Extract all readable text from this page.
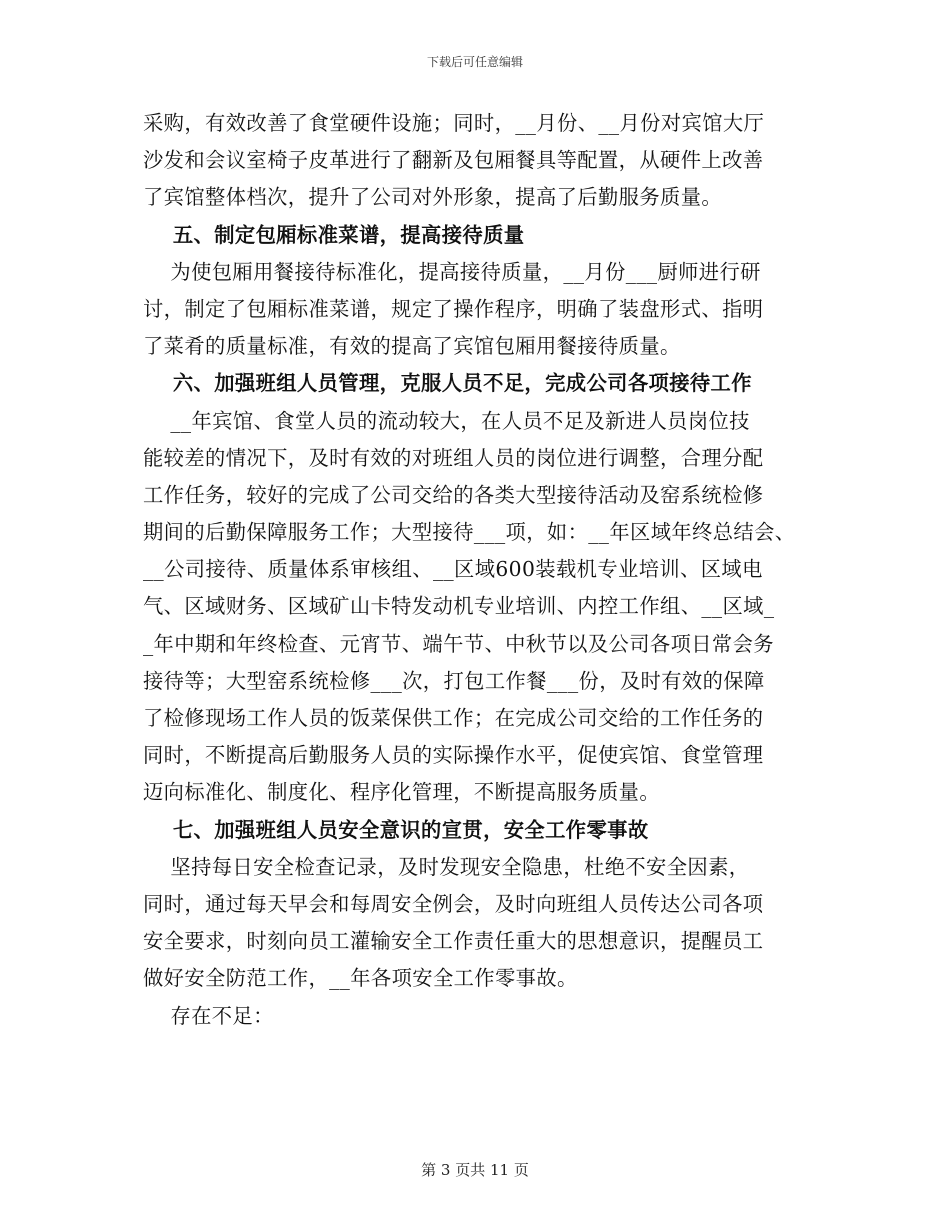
下载后可任意编辑
采购，有效改善了食堂硬件设施；同时，__月份、__月份对宾馆大厅
沙发和会议室椅子皮革进行了翻新及包厢餐具等配置，从硬件上改善
了宾馆整体档次，提升了公司对外形象，提高了后勤服务质量。
五、制定包厢标准菜谱，提高接待质量
为使包厢用餐接待标准化，提高接待质量，__月份___厨师进行研
讨，制定了包厢标准菜谱，规定了操作程序，明确了装盘形式、指明
了菜肴的质量标准，有效的提高了宾馆包厢用餐接待质量。
六、加强班组人员管理，克服人员不足，完成公司各项接待工作
__年宾馆、食堂人员的流动较大，在人员不足及新进人员岗位技
能较差的情况下，及时有效的对班组人员的岗位进行调整，合理分配
工作任务，较好的完成了公司交给的各类大型接待活动及窑系统检修
期间的后勤保障服务工作；大型接待___项，如：__年区域年终总结会、
__公司接待、质量体系审核组、__区域600装载机专业培训、区域电
气、区域财务、区域矿山卡特发动机专业培训、内控工作组、__区域_
_年中期和年终检查、元宵节、端午节、中秋节以及公司各项日常会务
接待等；大型窑系统检修___次，打包工作餐___份，及时有效的保障
了检修现场工作人员的饭菜保供工作；在完成公司交给的工作任务的
同时，不断提高后勤服务人员的实际操作水平，促使宾馆、食堂管理
迈向标准化、制度化、程序化管理，不断提高服务质量。
七、加强班组人员安全意识的宣贯，安全工作零事故
坚持每日安全检查记录，及时发现安全隐患，杜绝不安全因素，
同时，通过每天早会和每周安全例会，及时向班组人员传达公司各项
安全要求，时刻向员工灌输安全工作责任重大的思想意识，提醒员工
做好安全防范工作，__年各项安全工作零事故。
存在不足：
第 3 页共 11 页
